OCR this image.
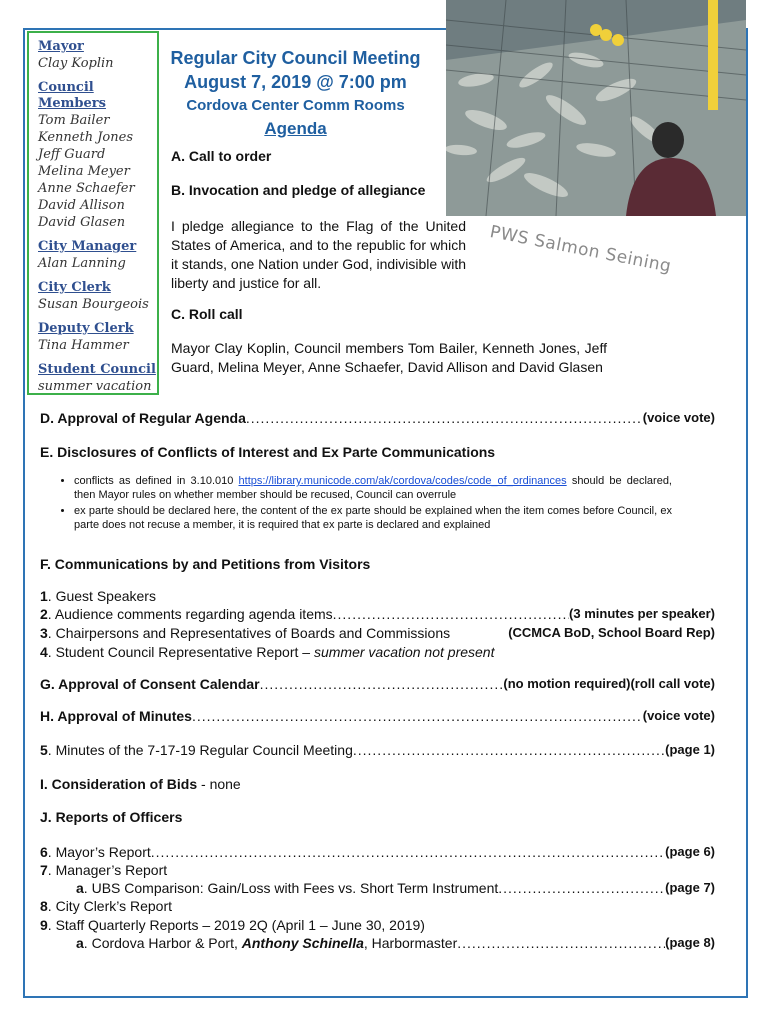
Mayor
Clay Koplin
Council Members
Tom Bailer
Kenneth Jones
Jeff Guard
Melina Meyer
Anne Schaefer
David Allison
David Glasen
City Manager
Alan Lanning
City Clerk
Susan Bourgeois
Deputy Clerk
Tina Hammer
Student Council
summer vacation
Regular City Council Meeting
August 7, 2019 @ 7:00 pm
Cordova Center Comm Rooms
Agenda
PWS Salmon Seining
A. Call to order
B. Invocation and pledge of allegiance
I pledge allegiance to the Flag of the United States of America, and to the republic for which it stands, one Nation under God, indivisible with liberty and justice for all.
C. Roll call
Mayor Clay Koplin, Council members Tom Bailer, Kenneth Jones, Jeff Guard, Melina Meyer, Anne Schaefer, David Allison and David Glasen
D. Approval of Regular Agenda .....	(voice vote)
E. Disclosures of Conflicts of Interest and Ex Parte Communications
• conflicts as defined in 3.10.010 https://library.municode.com/ak/cordova/codes/code_of_ordinances should be declared, then Mayor rules on whether member should be recused, Council can overrule
• ex parte should be declared here, the content of the ex parte should be explained when the item comes before Council, ex parte does not recuse a member, it is required that ex parte is declared and explained
F. Communications by and Petitions from Visitors
1. Guest Speakers
2. Audience comments regarding agenda items .....	(3 minutes per speaker)
3. Chairpersons and Representatives of Boards and Commissions	(CCMCA BoD, School Board Rep)
4. Student Council Representative Report – summer vacation not present
G. Approval of Consent Calendar .....	(no motion required)(roll call vote)
H. Approval of Minutes .....	(voice vote)
5. Minutes of the 7-17-19 Regular Council Meeting .....	(page 1)
I. Consideration of Bids - none
J. Reports of Officers
6. Mayor’s Report .....	(page 6)
7. Manager’s Report
a. UBS Comparison: Gain/Loss with Fees vs. Short Term Instrument .....	(page 7)
8. City Clerk’s Report
9. Staff Quarterly Reports – 2019 2Q (April 1 – June 30, 2019)
a. Cordova Harbor & Port, Anthony Schinella, Harbormaster .....	(page 8)
